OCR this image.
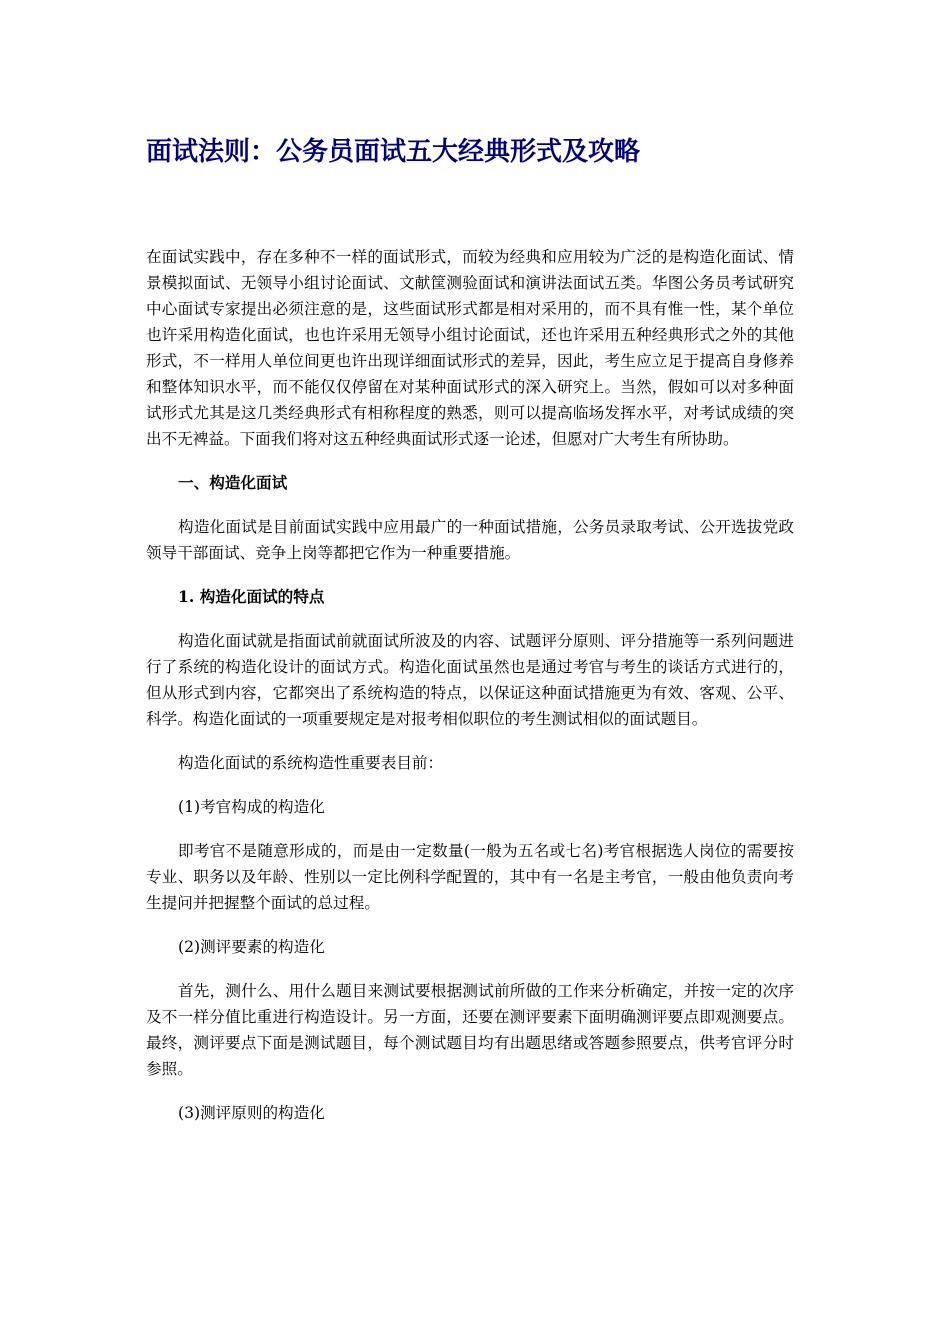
面试法则：公务员面试五大经典形式及攻略

在面试实践中，存在多种不一样的面试形式，而较为经典和应用较为广泛的是构造化面试、情景模拟面试、无领导小组讨论面试、文献筐测验面试和演讲法面试五类。华图公务员考试研究中心面试专家提出必须注意的是，这些面试形式都是相对采用的，而不具有惟一性，某个单位也许采用构造化面试，也也许采用无领导小组讨论面试，还也许采用五种经典形式之外的其他形式，不一样用人单位间更也许出现详细面试形式的差异，因此，考生应立足于提高自身修养和整体知识水平，而不能仅仅停留在对某种面试形式的深入研究上。当然，假如可以对多种面试形式尤其是这几类经典形式有相称程度的熟悉，则可以提高临场发挥水平，对考试成绩的突出不无裨益。下面我们将对这五种经典面试形式逐一论述，但愿对广大考生有所协助。

一、构造化面试

构造化面试是目前面试实践中应用最广的一种面试措施，公务员录取考试、公开选拔党政领导干部面试、竞争上岗等都把它作为一种重要措施。

1. 构造化面试的特点

构造化面试就是指面试前就面试所波及的内容、试题评分原则、评分措施等一系列问题进行了系统的构造化设计的面试方式。构造化面试虽然也是通过考官与考生的谈话方式进行的，但从形式到内容，它都突出了系统构造的特点，以保证这种面试措施更为有效、客观、公平、科学。构造化面试的一项重要规定是对报考相似职位的考生测试相似的面试题目。

构造化面试的系统构造性重要表目前：

(1)考官构成的构造化

即考官不是随意形成的，而是由一定数量(一般为五名或七名)考官根据选人岗位的需要按专业、职务以及年龄、性别以一定比例科学配置的，其中有一名是主考官，一般由他负责向考生提问并把握整个面试的总过程。

(2)测评要素的构造化

首先，测什么、用什么题目来测试要根据测试前所做的工作来分析确定，并按一定的次序及不一样分值比重进行构造设计。另一方面，还要在测评要素下面明确测评要点即观测要点。最终，测评要点下面是测试题目，每个测试题目均有出题思绪或答题参照要点，供考官评分时参照。

(3)测评原则的构造化
